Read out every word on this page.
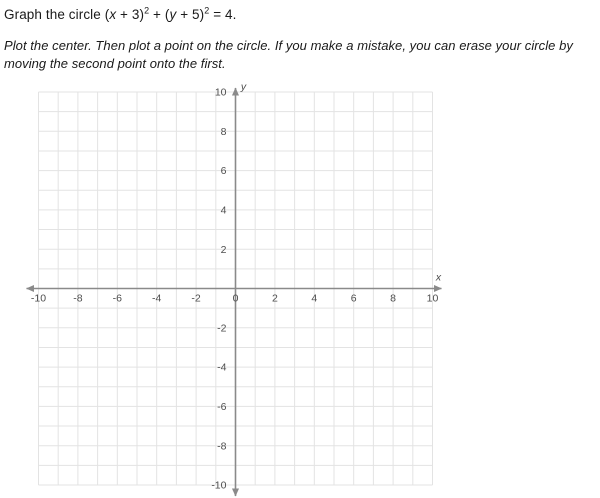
Graph the circle $(x + 3)^2 + (y + 5)^2 = 4$.

Plot the center. Then plot a point on the circle. If you make a mistake, you can erase your circle by moving the second point onto the first.

-10	-8	-6	-4	-2	0	2	4	6	8	10
10
8
6
4
2
-2
-4
-6
-8
-10
x
y
